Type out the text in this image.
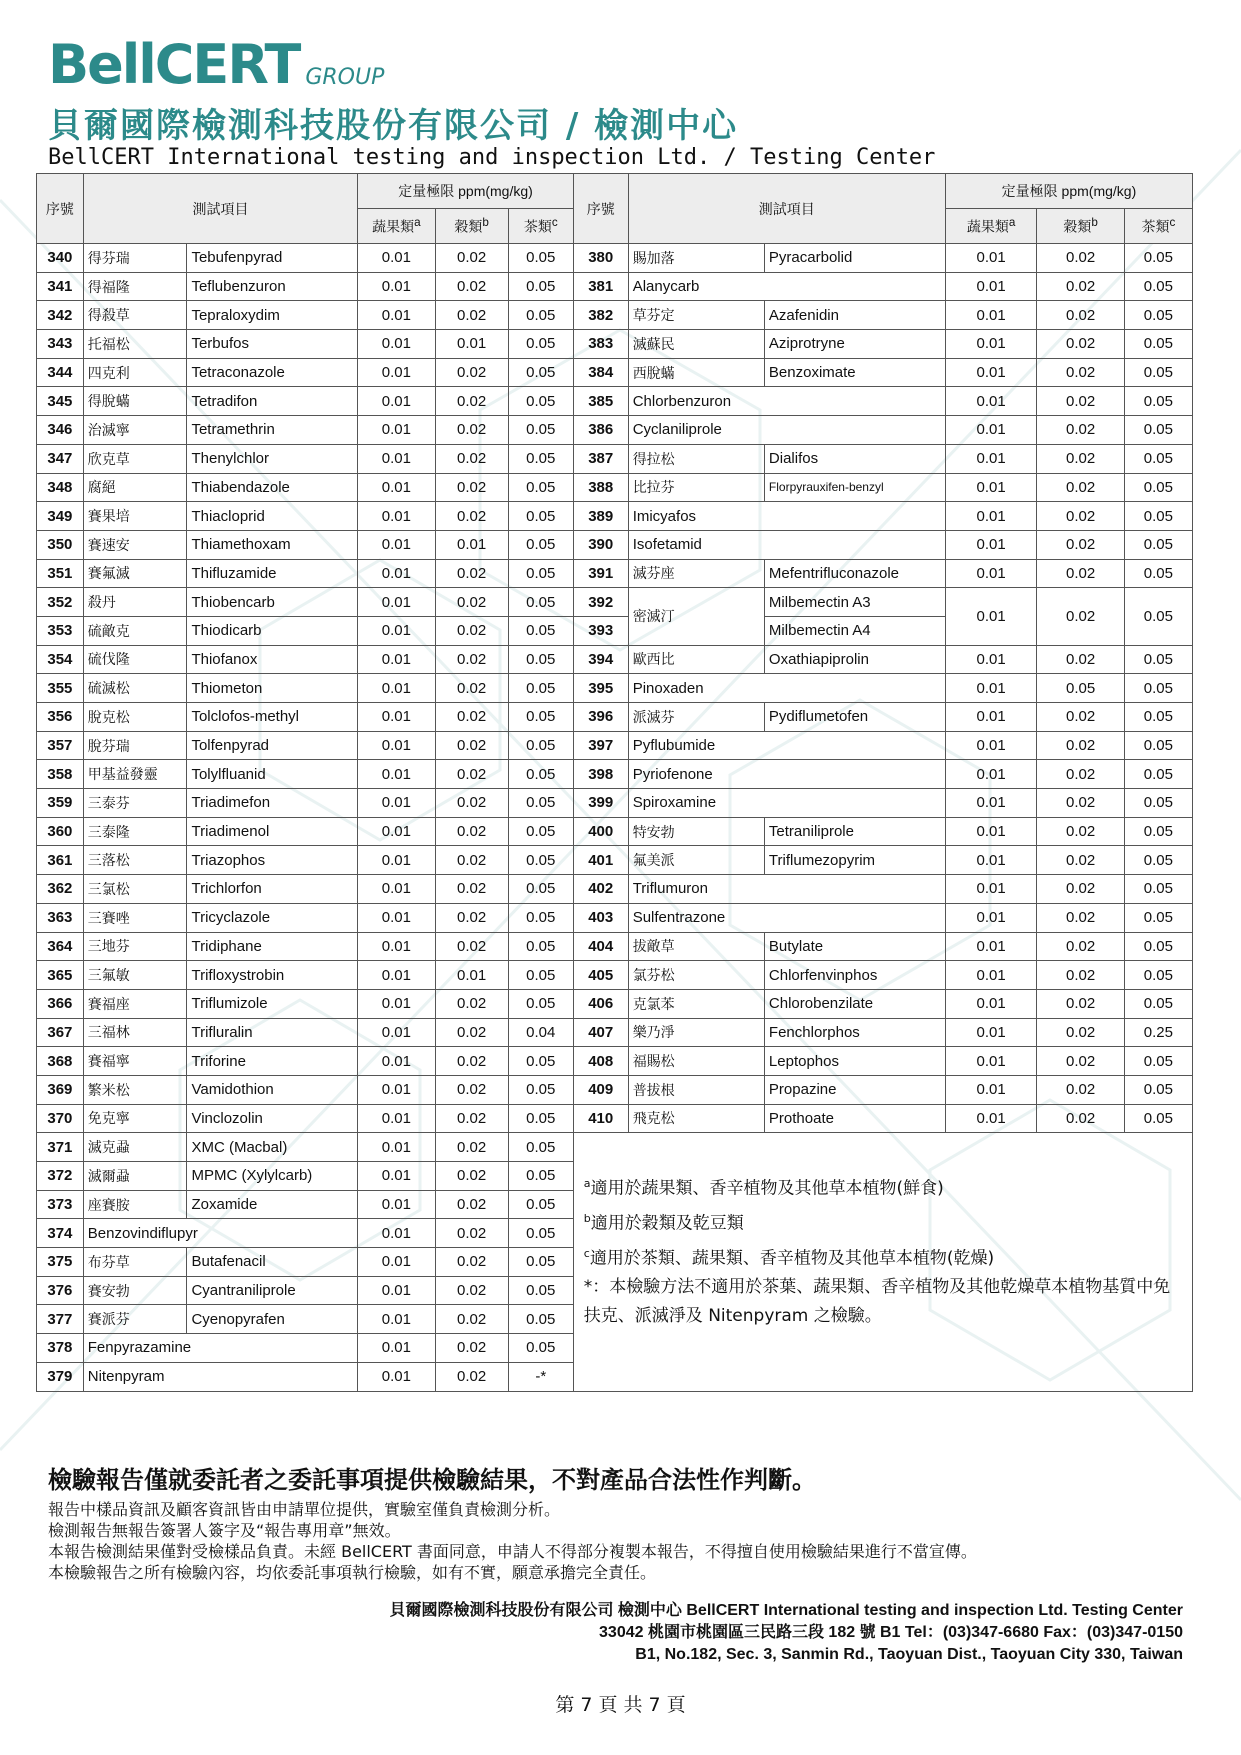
BellCERT GROUP
貝爾國際檢測科技股份有限公司 / 檢測中心
BellCERT International testing and inspection Ltd. / Testing Center
序號	測試項目		定量極限 ppm(mg/kg)			序號	測試項目		定量極限 ppm(mg/kg)		
			蔬果類$^a$	穀類$^b$	茶類$^c$				蔬果類$^a$	穀類$^b$	茶類$^c$
340	得芬瑞	Tebufenpyrad	0.01	0.02	0.05	380	賜加落	Pyracarbolid	0.01	0.02	0.05
341	得福隆	Teflubenzuron	0.01	0.02	0.05	381	Alanycarb		0.01	0.02	0.05
342	得殺草	Tepraloxydim	0.01	0.02	0.05	382	草芬定	Azafenidin	0.01	0.02	0.05
343	托福松	Terbufos	0.01	0.01	0.05	383	滅蘇民	Aziprotryne	0.01	0.02	0.05
344	四克利	Tetraconazole	0.01	0.02	0.05	384	西脫蟎	Benzoximate	0.01	0.02	0.05
345	得脫蟎	Tetradifon	0.01	0.02	0.05	385	Chlorbenzuron		0.01	0.02	0.05
346	治滅寧	Tetramethrin	0.01	0.02	0.05	386	Cyclaniliprole		0.01	0.02	0.05
347	欣克草	Thenylchlor	0.01	0.02	0.05	387	得拉松	Dialifos	0.01	0.02	0.05
348	腐絕	Thiabendazole	0.01	0.02	0.05	388	比拉芬	Florpyrauxifen-benzyl	0.01	0.02	0.05
349	賽果培	Thiacloprid	0.01	0.02	0.05	389	Imicyafos		0.01	0.02	0.05
350	賽速安	Thiamethoxam	0.01	0.01	0.05	390	Isofetamid		0.01	0.02	0.05
351	賽氟滅	Thifluzamide	0.01	0.02	0.05	391	滅芬座	Mefentrifluconazole	0.01	0.02	0.05
352	殺丹	Thiobencarb	0.01	0.02	0.05	392	密滅汀	Milbemectin A3	0.01	0.02	0.05
353	硫敵克	Thiodicarb	0.01	0.02	0.05	393		Milbemectin A4			
354	硫伐隆	Thiofanox	0.01	0.02	0.05	394	歐西比	Oxathiapiprolin	0.01	0.02	0.05
355	硫滅松	Thiometon	0.01	0.02	0.05	395	Pinoxaden		0.01	0.05	0.05
356	脫克松	Tolclofos-methyl	0.01	0.02	0.05	396	派滅芬	Pydiflumetofen	0.01	0.02	0.05
357	脫芬瑞	Tolfenpyrad	0.01	0.02	0.05	397	Pyflubumide		0.01	0.02	0.05
358	甲基益發靈	Tolylfluanid	0.01	0.02	0.05	398	Pyriofenone		0.01	0.02	0.05
359	三泰芬	Triadimefon	0.01	0.02	0.05	399	Spiroxamine		0.01	0.02	0.05
360	三泰隆	Triadimenol	0.01	0.02	0.05	400	特安勃	Tetraniliprole	0.01	0.02	0.05
361	三落松	Triazophos	0.01	0.02	0.05	401	氟美派	Triflumezopyrim	0.01	0.02	0.05
362	三氯松	Trichlorfon	0.01	0.02	0.05	402	Triflumuron		0.01	0.02	0.05
363	三賽唑	Tricyclazole	0.01	0.02	0.05	403	Sulfentrazone		0.01	0.02	0.05
364	三地芬	Tridiphane	0.01	0.02	0.05	404	拔敵草	Butylate	0.01	0.02	0.05
365	三氟敏	Trifloxystrobin	0.01	0.01	0.05	405	氯芬松	Chlorfenvinphos	0.01	0.02	0.05
366	賽福座	Triflumizole	0.01	0.02	0.05	406	克氯苯	Chlorobenzilate	0.01	0.02	0.05
367	三福林	Trifluralin	0.01	0.02	0.04	407	樂乃淨	Fenchlorphos	0.01	0.02	0.25
368	賽福寧	Triforine	0.01	0.02	0.05	408	福賜松	Leptophos	0.01	0.02	0.05
369	繁米松	Vamidothion	0.01	0.02	0.05	409	普拔根	Propazine	0.01	0.02	0.05
370	免克寧	Vinclozolin	0.01	0.02	0.05	410	飛克松	Prothoate	0.01	0.02	0.05
371	滅克蝨	XMC (Macbal)	0.01	0.02	0.05	$^a$適用於蔬果類、香辛植物及其他草本植物(鮮食)
$^b$適用於穀類及乾豆類
$^c$適用於茶類、蔬果類、香辛植物及其他草本植物(乾燥)
*：本檢驗方法不適用於茶葉、蔬果類、香辛植物及其他乾燥草本植物基質中免扶克、派滅淨及 Nitenpyram 之檢驗。					

372	滅爾蝨	MPMC (Xylylcarb)	0.01	0.02	0.05						
373	座賽胺	Zoxamide	0.01	0.02	0.05						
374	Benzovindiflupyr		0.01	0.02	0.05						
375	布芬草	Butafenacil	0.01	0.02	0.05						
376	賽安勃	Cyantraniliprole	0.01	0.02	0.05						
377	賽派芬	Cyenopyrafen	0.01	0.02	0.05						
378	Fenpyrazamine		0.01	0.02	0.05						
379	Nitenpyram		0.01	0.02	-*						
檢驗報告僅就委託者之委託事項提供檢驗結果，不對產品合法性作判斷。
報告中樣品資訊及顧客資訊皆由申請單位提供，實驗室僅負責檢測分析。
檢測報告無報告簽署人簽字及“報告專用章”無效。
本報告檢測結果僅對受檢樣品負責。未經 BellCERT 書面同意，申請人不得部分複製本報告，不得擅自使用檢驗結果進行不當宣傳。
本檢驗報告之所有檢驗內容，均依委託事項執行檢驗，如有不實，願意承擔完全責任。
貝爾國際檢測科技股份有限公司 檢測中心 BellCERT International testing and inspection Ltd. Testing Center
33042 桃園市桃園區三民路三段 182 號 B1 Tel：(03)347-6680 Fax：(03)347-0150
B1, No.182, Sec. 3, Sanmin Rd., Taoyuan Dist., Taoyuan City 330, Taiwan
第 7 頁 共 7 頁
